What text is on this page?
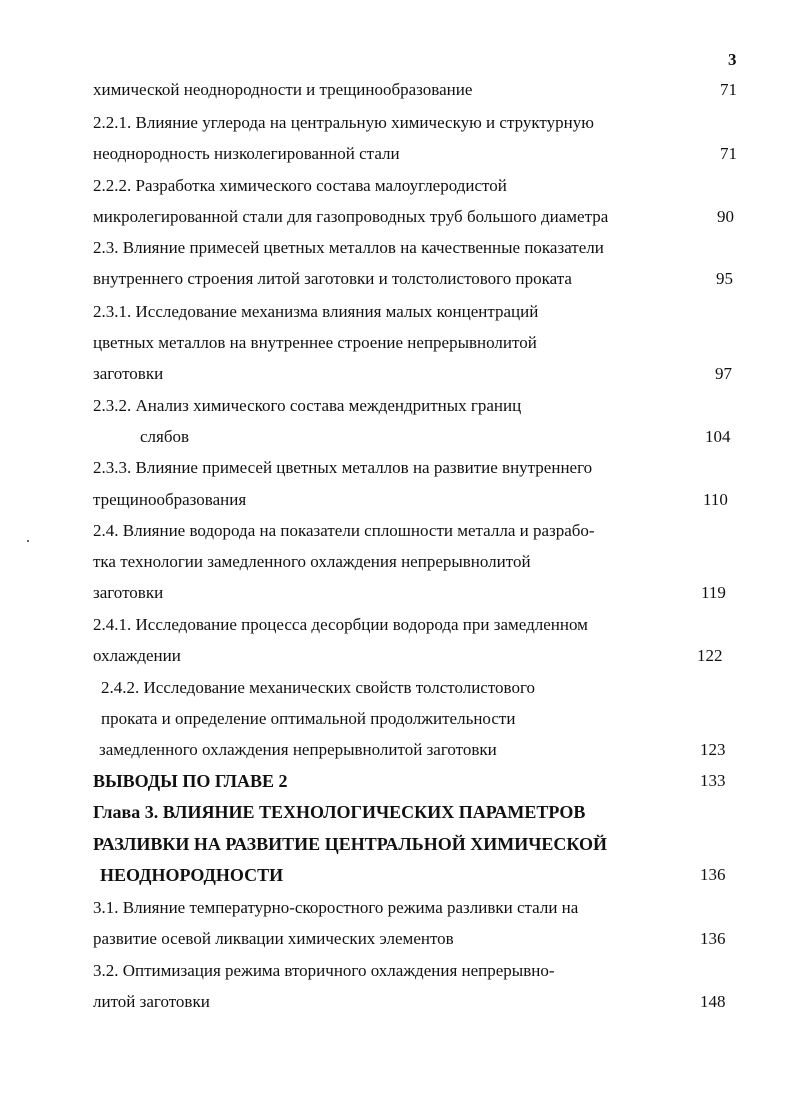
3
химической неоднородности и трещинообразование	71
2.2.1. Влияние углерода на центральную химическую и структурную
неоднородность низколегированной стали	71
2.2.2. Разработка химического состава малоуглеродистой
микролегированной стали для газопроводных труб большого диаметра	90
2.3. Влияние примесей цветных металлов на качественные показатели
внутреннего строения литой заготовки и толстолистового проката	95
2.3.1. Исследование механизма влияния малых концентраций
цветных металлов на внутреннее строение непрерывнолитой
заготовки	97
2.3.2. Анализ химического состава междендритных границ
слябов	104
2.3.3. Влияние примесей цветных металлов на развитие внутреннего
трещинообразования	110
2.4. Влияние водорода на показатели сплошности металла и разрабо-
тка технологии замедленного охлаждения непрерывнолитой
заготовки	119
2.4.1. Исследование процесса десорбции водорода при замедленном
охлаждении	122
2.4.2. Исследование механических свойств толстолистового
проката и определение оптимальной продолжительности
замедленного охлаждения непрерывнолитой заготовки	123
ВЫВОДЫ ПО ГЛАВЕ 2	133
Глава 3. ВЛИЯНИЕ ТЕХНОЛОГИЧЕСКИХ ПАРАМЕТРОВ
РАЗЛИВКИ НА РАЗВИТИЕ ЦЕНТРАЛЬНОЙ ХИМИЧЕСКОЙ
НЕОДНОРОДНОСТИ	136
3.1. Влияние температурно-скоростного режима разливки стали на
развитие осевой ликвации химических элементов	136
3.2. Оптимизация режима вторичного охлаждения непрерывно-
литой заготовки	148
